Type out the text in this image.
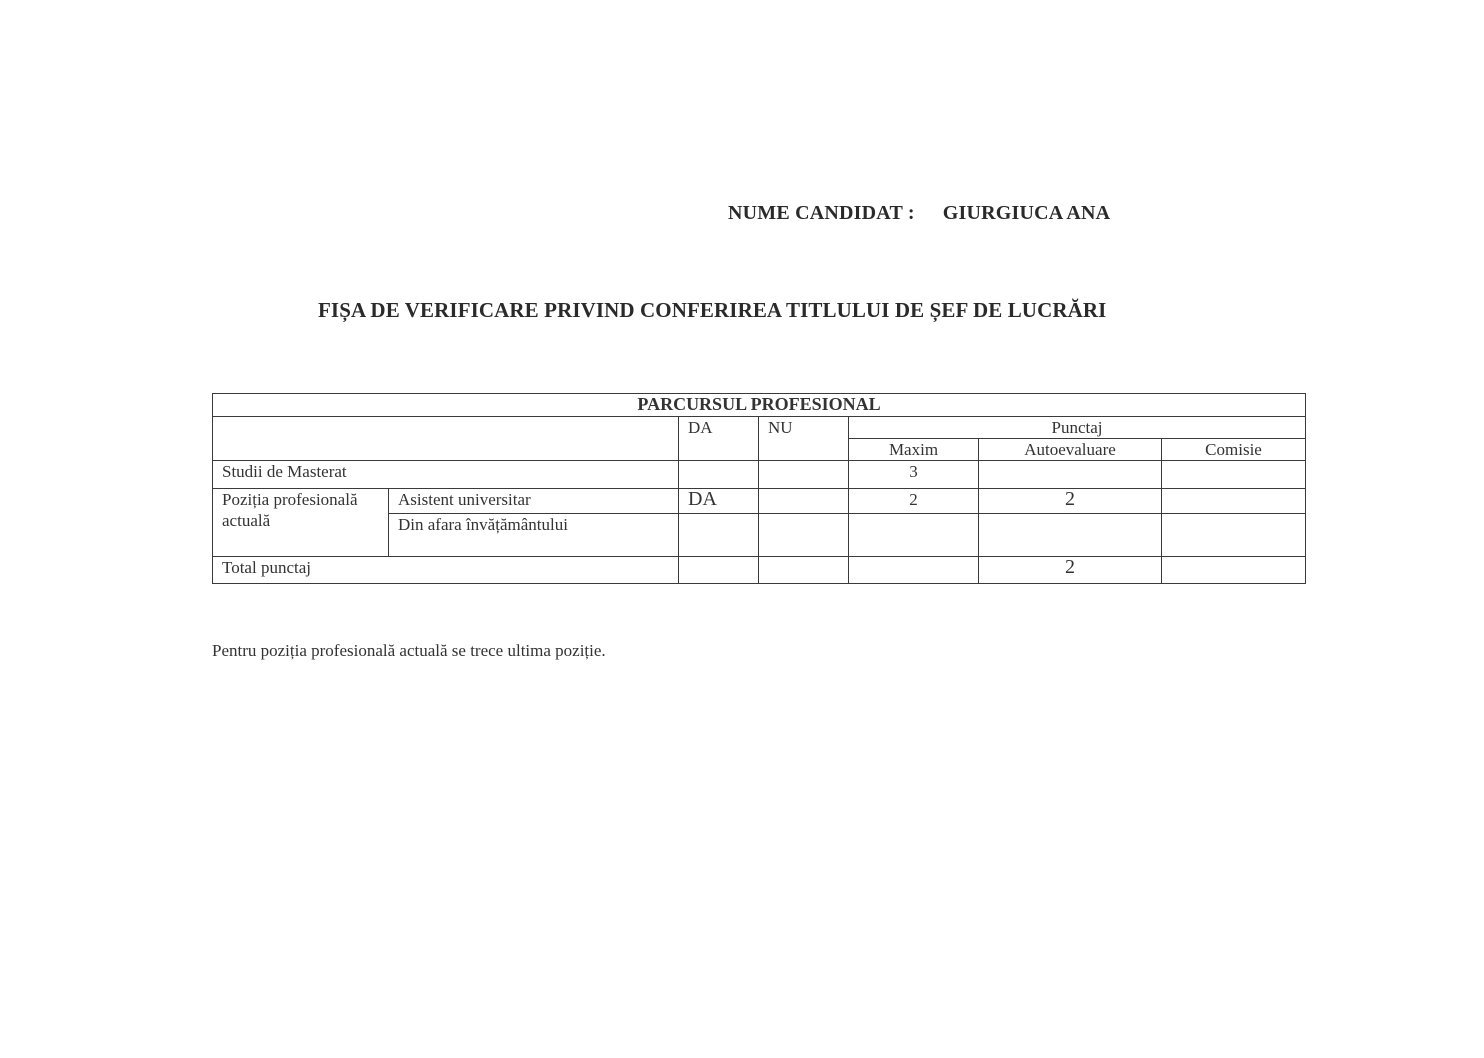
NUME CANDIDAT : GIURGIUCA ANA
FIȘA DE VERIFICARE PRIVIND CONFERIREA TITLULUI DE ȘEF DE LUCRĂRI
PARCURSUL PROFESIONAL						
		DA	NU	Punctaj		
				Maxim	Autoevaluare	Comisie
Studii de Masterat				3		
Poziția profesională actuală	Asistent universitar	DA		2	2	
	Din afara învățământului					
Total punctaj					2	
Pentru poziția profesională actuală se trece ultima poziție.
